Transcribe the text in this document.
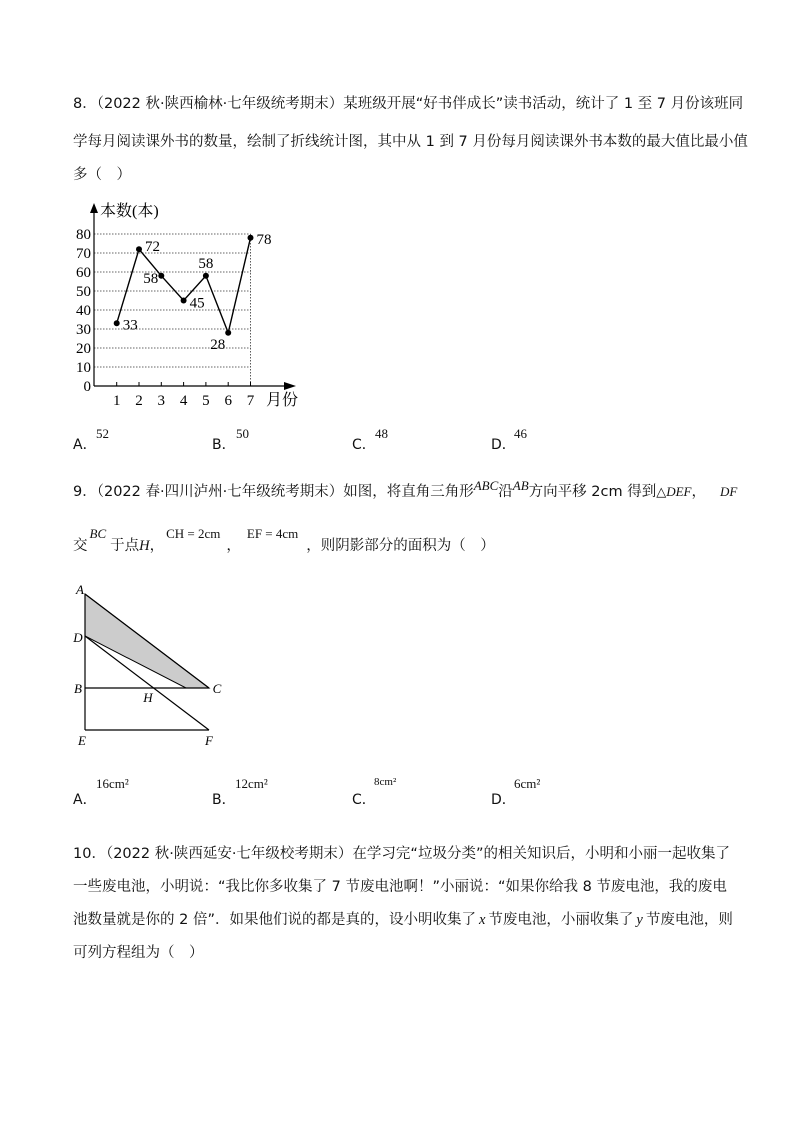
8．（2022 秋·陕西榆林·七年级统考期末）某班级开展“好书伴成长”读书活动，统计了 1 至 7 月份该班同
学每月阅读课外书的数量，绘制了折线统计图，其中从 1 到 7 月份每月阅读课外书本数的最大值比最小值
多（　）
本数(本)
月份
0
10
20
30
40
50
60
70
80
1 2 3 4 5 6 7
33
72
58
45
58
28
78
A．
52
B．
50
C．
48
D．
46
9．（2022 春·四川泸州·七年级统考期末）如图，将直角三角形ABC沿AB方向平移 2cm 得到△DEF， DF
交BC于点H，CH = 2cm，EF = 4cm，则阴影部分的面积为（　）
A
D
B
H
C
E	F
A．
16cm²
B．
12cm²
C．
8cm²
D．
6cm²
10．（2022 秋·陕西延安·七年级校考期末）在学习完“垃圾分类”的相关知识后，小明和小丽一起收集了
一些废电池，小明说：“我比你多收集了 7 节废电池啊！”小丽说：“如果你给我 8 节废电池，我的废电
池数量就是你的 2 倍”．如果他们说的都是真的，设小明收集了 x 节废电池，小丽收集了 y 节废电池，则
可列方程组为（　）
